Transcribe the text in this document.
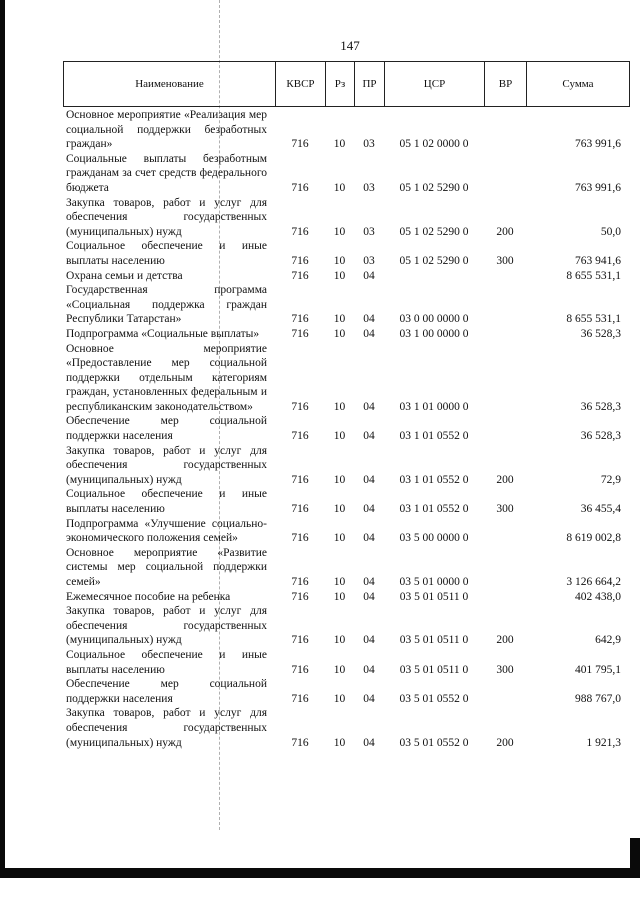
147
Наименование	КВСР	Рз	ПР	ЦСР	ВР	Сумма
Основное мероприятие «Реализация мер социальной поддержки безработных граждан»	716	10	03	05 1 02 0000 0		763 991,6
Социальные выплаты безработным гражданам за счет средств федерального бюджета	716	10	03	05 1 02 5290 0		763 991,6
Закупка товаров, работ и услуг для обеспечения государственных (муниципальных) нужд	716	10	03	05 1 02 5290 0	200	50,0
Социальное обеспечение и иные выплаты населению	716	10	03	05 1 02 5290 0	300	763 941,6
Охрана семьи и детства	716	10	04			8 655 531,1
Государственная программа «Социальная поддержка граждан Республики Татарстан»	716	10	04	03 0 00 0000 0		8 655 531,1
Подпрограмма «Социальные выплаты»	716	10	04	03 1 00 0000 0		36 528,3
Основное мероприятие «Предоставление мер социальной поддержки отдельным категориям граждан, установленных федеральным и республиканским законодательством»	716	10	04	03 1 01 0000 0		36 528,3
Обеспечение мер социальной поддержки населения	716	10	04	03 1 01 0552 0		36 528,3
Закупка товаров, работ и услуг для обеспечения государственных (муниципальных) нужд	716	10	04	03 1 01 0552 0	200	72,9
Социальное обеспечение и иные выплаты населению	716	10	04	03 1 01 0552 0	300	36 455,4
Подпрограмма «Улучшение социально-экономического положения семей»	716	10	04	03 5 00 0000 0		8 619 002,8
Основное мероприятие «Развитие системы мер социальной поддержки семей»	716	10	04	03 5 01 0000 0		3 126 664,2
Ежемесячное пособие на ребенка	716	10	04	03 5 01 0511 0		402 438,0
Закупка товаров, работ и услуг для обеспечения государственных (муниципальных) нужд	716	10	04	03 5 01 0511 0	200	642,9
Социальное обеспечение и иные выплаты населению	716	10	04	03 5 01 0511 0	300	401 795,1
Обеспечение мер социальной поддержки населения	716	10	04	03 5 01 0552 0		988 767,0
Закупка товаров, работ и услуг для обеспечения государственных (муниципальных) нужд	716	10	04	03 5 01 0552 0	200	1 921,3
